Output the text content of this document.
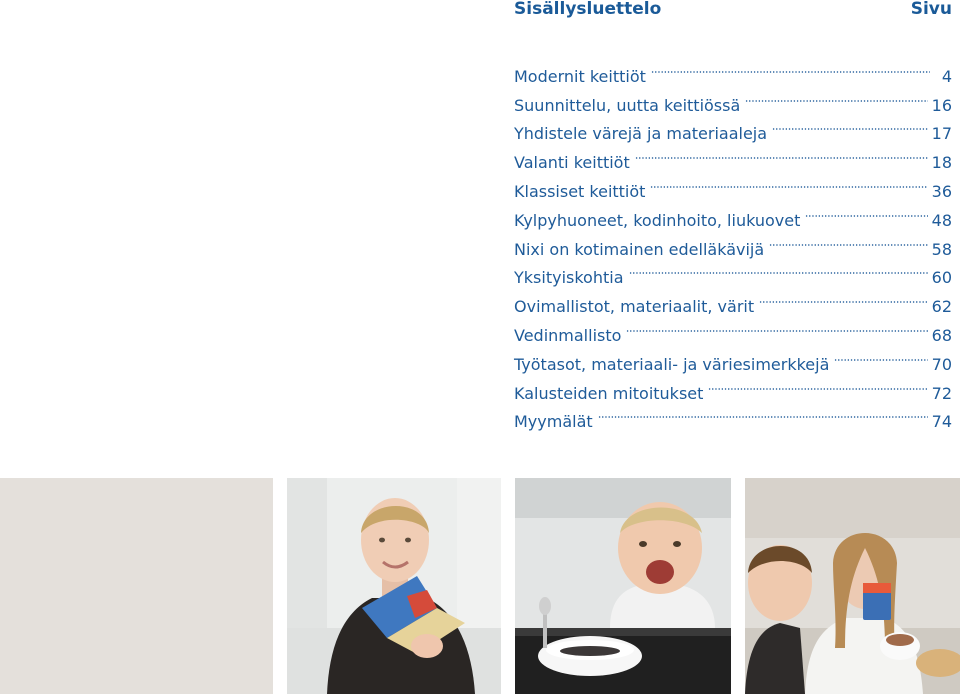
Sisällysluettelo	Sivu
Modernit keittiöt	4
Suunnittelu, uutta keittiössä	16
Yhdistele värejä ja materiaaleja	17
Valanti keittiöt	18
Klassiset keittiöt	36
Kylpyhuoneet, kodinhoito, liukuovet	48
Nixi on kotimainen edelläkävijä	58
Yksityiskohtia	60
Ovimallistot, materiaalit, värit	62
Vedinmallisto	68
Työtasot, materiaali- ja väriesimerkkejä	70
Kalusteiden mitoitukset	72
Myymälät	74
